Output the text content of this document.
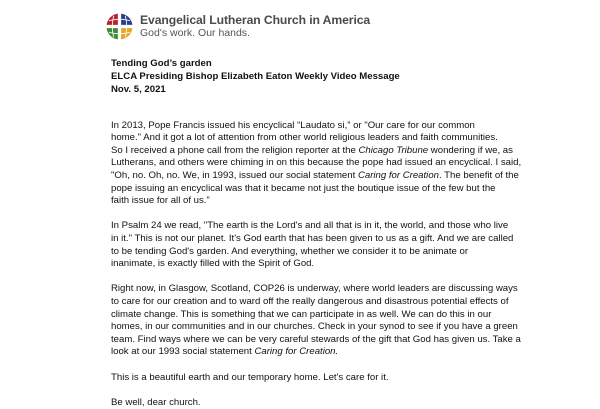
Evangelical Lutheran Church in America
God's work. Our hands.
Tending God’s garden
ELCA Presiding Bishop Elizabeth Eaton Weekly Video Message
Nov. 5, 2021
In 2013, Pope Francis issued his encyclical “Laudato si,” or "Our care for our common
home." And it got a lot of attention from other world religious leaders and faith communities.
So I received a phone call from the religion reporter at the Chicago Tribune wondering if we, as
Lutherans, and others were chiming in on this because the pope had issued an encyclical. I said,
"Oh, no. Oh, no. We, in 1993, issued our social statement Caring for Creation. The benefit of the
pope issuing an encyclical was that it became not just the boutique issue of the few but the
faith issue for all of us.”
In Psalm 24 we read, "The earth is the Lord's and all that is in it, the world, and those who live
in it." This is not our planet. It's God earth that has been given to us as a gift. And we are called
to be tending God's garden. And everything, whether we consider it to be animate or
inanimate, is exactly filled with the Spirit of God.
Right now, in Glasgow, Scotland, COP26 is underway, where world leaders are discussing ways
to care for our creation and to ward off the really dangerous and disastrous potential effects of
climate change. This is something that we can participate in as well. We can do this in our
homes, in our communities and in our churches. Check in your synod to see if you have a green
team. Find ways where we can be very careful stewards of the gift that God has given us. Take a
look at our 1993 social statement Caring for Creation.
This is a beautiful earth and our temporary home. Let's care for it.
Be well, dear church.
